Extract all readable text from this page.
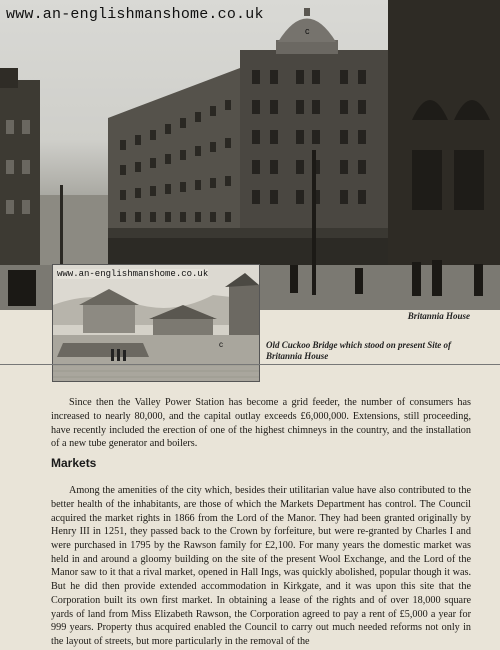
c
www.an-englishmanshome.co.uk
Britannia House
c
www.an-englishmanshome.co.uk
Old Cuckoo Bridge which stood on present Site of Britannia House

Since then the Valley Power Station has become a grid feeder, the number of consumers has increased to nearly 80,000, and the capital outlay exceeds £6,000,000. Extensions, still proceeding, have recently included the erection of one of the highest chimneys in the country, and the installation of a new tube generator and boilers.

Markets

Among the amenities of the city which, besides their utilitarian value have also contributed to the better health of the inhabitants, are those of which the Markets Department has control. The Council acquired the market rights in 1866 from the Lord of the Manor. They had been granted originally by Henry III in 1251, they passed back to the Crown by forfeiture, but were re-granted by Charles I and were purchased in 1795 by the Rawson family for £2,100. For many years the domestic market was held in and around a gloomy building on the site of the present Wool Exchange, and the Lord of the Manor saw to it that a rival market, opened in Hall Ings, was quickly abolished, popular though it was. But he did then provide extended accommodation in Kirkgate, and it was upon this site that the Corporation built its own first market. In obtaining a lease of the rights and of over 18,000 square yards of land from Miss Elizabeth Rawson, the Corporation agreed to pay a rent of £5,000 a year for 999 years. Property thus acquired enabled the Council to carry out much needed reforms not only in the layout of streets, but more particularly in the removal of the
